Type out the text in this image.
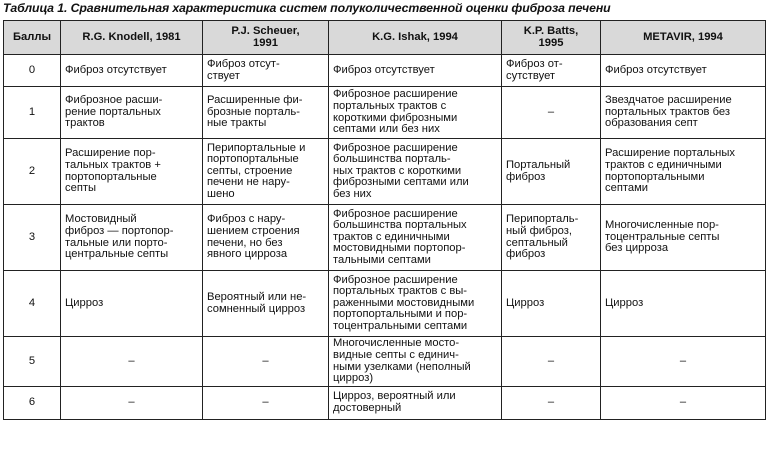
Таблица 1. Сравнительная характеристика систем полуколичественной оценки фиброза печени
Баллы	R.G. Knodell, 1981	P.J. Scheuer,
1991	K.G. Ishak, 1994	K.P. Batts,
1995	METAVIR, 1994
0	Фиброз отсутствует	Фиброз отсут-
ствует	Фиброз отсутствует	Фиброз от-
сутствует	Фиброз отсутствует
1	Фиброзное расши-
рение портальных
трактов	Расширенные фи-
брозные порталь-
ные тракты	Фиброзное расширение
портальных трактов с
короткими фиброзными
септами или без них	–	Звездчатое расширение
портальных трактов без
образования септ
2	Расширение пор-
тальных трактов +
портопортальные
септы	Перипортальные и
портопортальные
септы, строение
печени не нару-
шено	Фиброзное расширение
большинства порталь-
ных трактов с короткими
фиброзными септами или
без них	Портальный
фиброз	Расширение портальных
трактов с единичными
портопортальными
септами
3	Мостовидный
фиброз — портопор-
тальные или порто-
центральные септы	Фиброз с нару-
шением строения
печени, но без
явного цирроза	Фиброзное расширение
большинства портальных
трактов с единичными
мостовидными портопор-
тальными септами	Перипорталь-
ный фиброз,
септальный
фиброз	Многочисленные пор-
тоцентральные септы
без цирроза
4	Цирроз	Вероятный или не-
сомненный цирроз	Фиброзное расширение
портальных трактов с вы-
раженными мостовидными
портопортальными и пор-
тоцентральными септами	Цирроз	Цирроз
5	–	–	Многочисленные мосто-
видные септы с единич-
ными узелками (неполный
цирроз)	–	–
6	–	–	Цирроз, вероятный или
достоверный	–	–
